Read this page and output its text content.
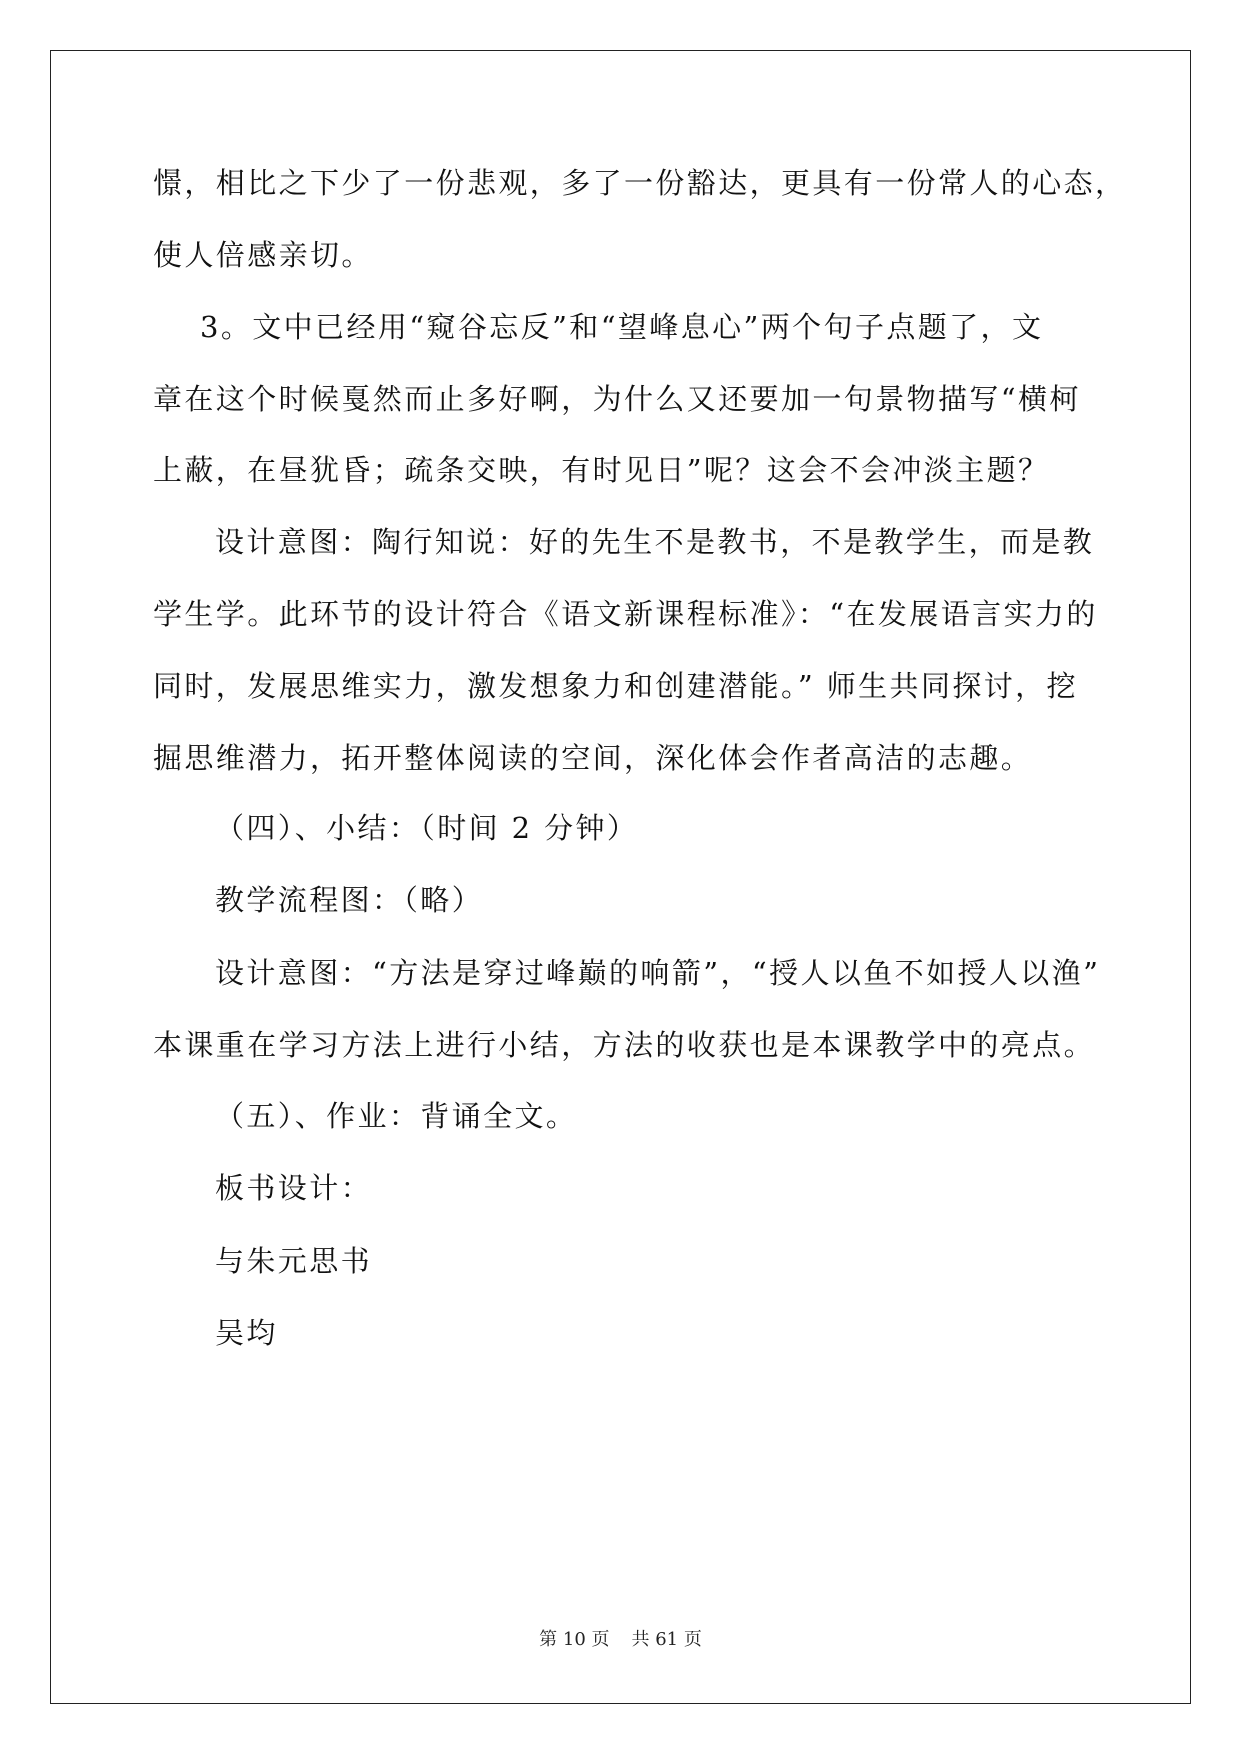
憬，相比之下少了一份悲观，多了一份豁达，更具有一份常人的心态，
使人倍感亲切。
3。文中已经用“窥谷忘反”和“望峰息心”两个句子点题了，文
章在这个时候戛然而止多好啊，为什么又还要加一句景物描写“横柯
上蔽，在昼犹昏；疏条交映，有时见日”呢？这会不会冲淡主题？
设计意图：陶行知说：好的先生不是教书，不是教学生，而是教
学生学。此环节的设计符合《语文新课程标准》：“在发展语言实力的
同时，发展思维实力，激发想象力和创建潜能。” 师生共同探讨，挖
掘思维潜力，拓开整体阅读的空间，深化体会作者高洁的志趣。
（四）、小结：（时间 2 分钟）
教学流程图：（略）
设计意图：“方法是穿过峰巅的响箭”，“授人以鱼不如授人以渔”
本课重在学习方法上进行小结，方法的收获也是本课教学中的亮点。
（五）、作业：背诵全文。
板书设计：
与朱元思书
吴均
第 10 页 共 61 页
